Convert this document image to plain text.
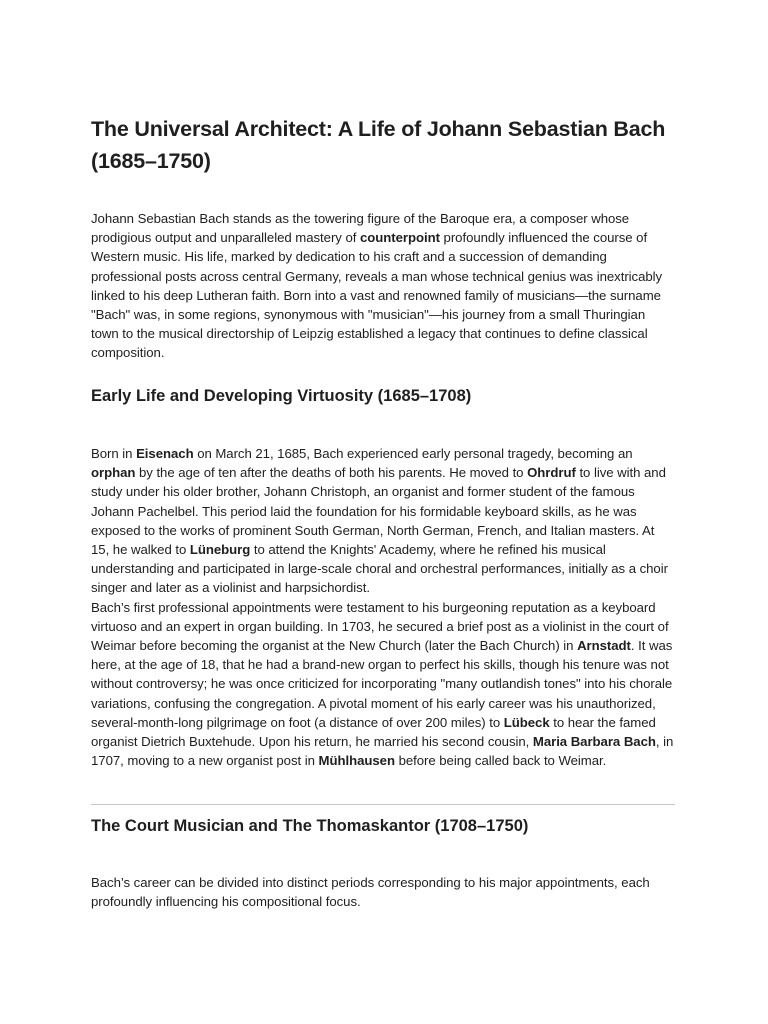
The Universal Architect: A Life of Johann Sebastian Bach (1685–1750)

Johann Sebastian Bach stands as the towering figure of the Baroque era, a composer whose prodigious output and unparalleled mastery of counterpoint profoundly influenced the course of Western music. His life, marked by dedication to his craft and a succession of demanding professional posts across central Germany, reveals a man whose technical genius was inextricably linked to his deep Lutheran faith. Born into a vast and renowned family of musicians—the surname "Bach" was, in some regions, synonymous with "musician"—his journey from a small Thuringian town to the musical directorship of Leipzig established a legacy that continues to define classical composition.

Early Life and Developing Virtuosity (1685–1708)

Born in Eisenach on March 21, 1685, Bach experienced early personal tragedy, becoming an orphan by the age of ten after the deaths of both his parents. He moved to Ohrdruf to live with and study under his older brother, Johann Christoph, an organist and former student of the famous Johann Pachelbel. This period laid the foundation for his formidable keyboard skills, as he was exposed to the works of prominent South German, North German, French, and Italian masters. At 15, he walked to Lüneburg to attend the Knights' Academy, where he refined his musical understanding and participated in large-scale choral and orchestral performances, initially as a choir singer and later as a violinist and harpsichordist.

Bach’s first professional appointments were testament to his burgeoning reputation as a keyboard virtuoso and an expert in organ building. In 1703, he secured a brief post as a violinist in the court of Weimar before becoming the organist at the New Church (later the Bach Church) in Arnstadt. It was here, at the age of 18, that he had a brand-new organ to perfect his skills, though his tenure was not without controversy; he was once criticized for incorporating "many outlandish tones" into his chorale variations, confusing the congregation. A pivotal moment of his early career was his unauthorized, several-month-long pilgrimage on foot (a distance of over 200 miles) to Lübeck to hear the famed organist Dietrich Buxtehude. Upon his return, he married his second cousin, Maria Barbara Bach, in 1707, moving to a new organist post in Mühlhausen before being called back to Weimar.

The Court Musician and The Thomaskantor (1708–1750)

Bach’s career can be divided into distinct periods corresponding to his major appointments, each profoundly influencing his compositional focus.
